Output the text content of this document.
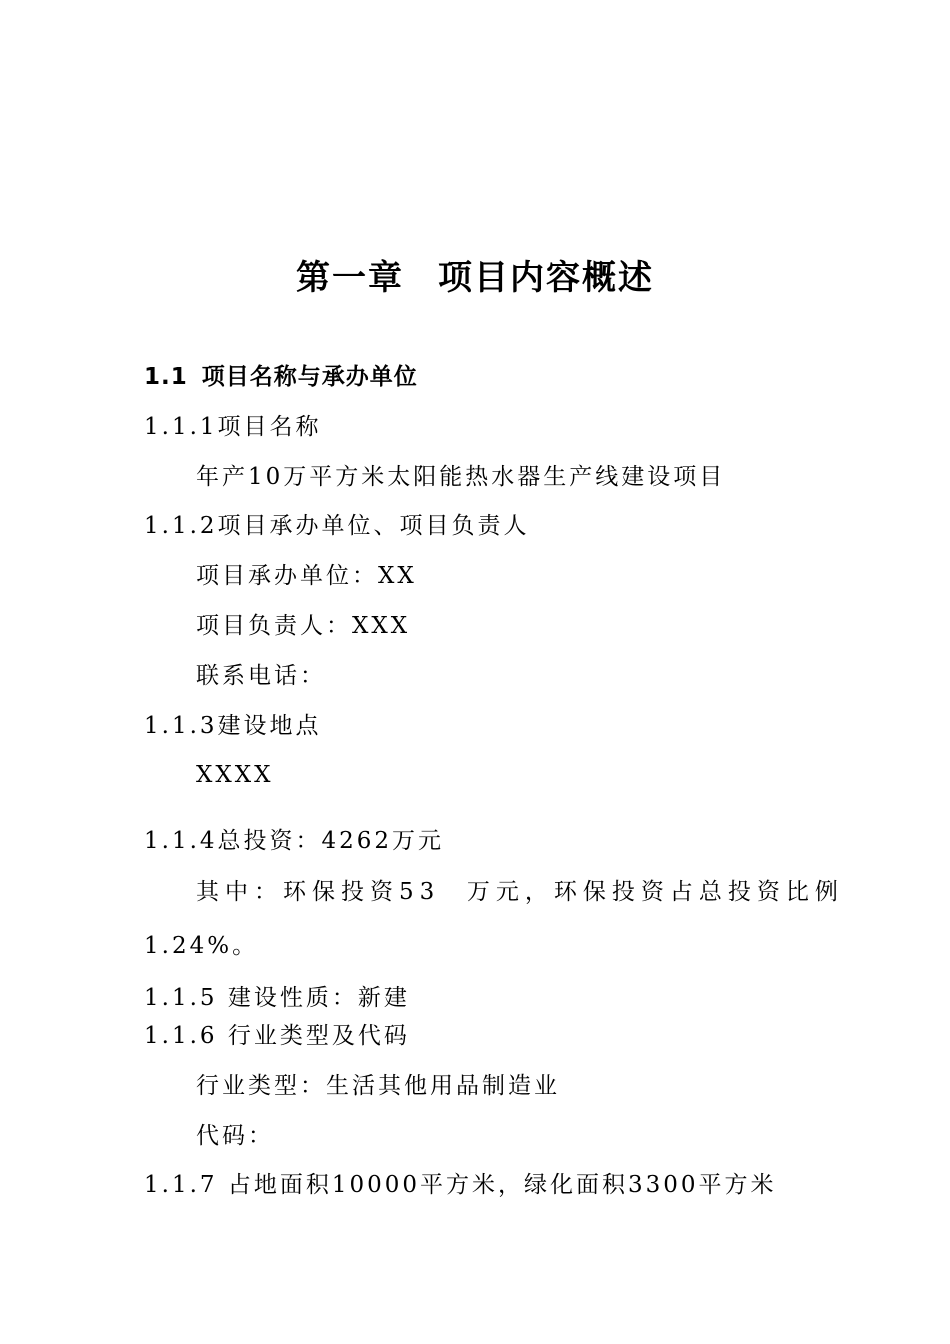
第一章 项目内容概述
1.1 项目名称与承办单位
1.1.1项目名称
年产10万平方米太阳能热水器生产线建设项目
1.1.2项目承办单位、项目负责人
项目承办单位：XX
项目负责人：XXX
联系电话：
1.1.3建设地点
XXXX
1.1.4总投资：4262万元
其中：环保投资53  万元，环保投资占总投资比例
1.24%。
1.1.5 建设性质：新建
1.1.6 行业类型及代码
行业类型：生活其他用品制造业
代码：
1.1.7 占地面积10000平方米，绿化面积3300平方米
